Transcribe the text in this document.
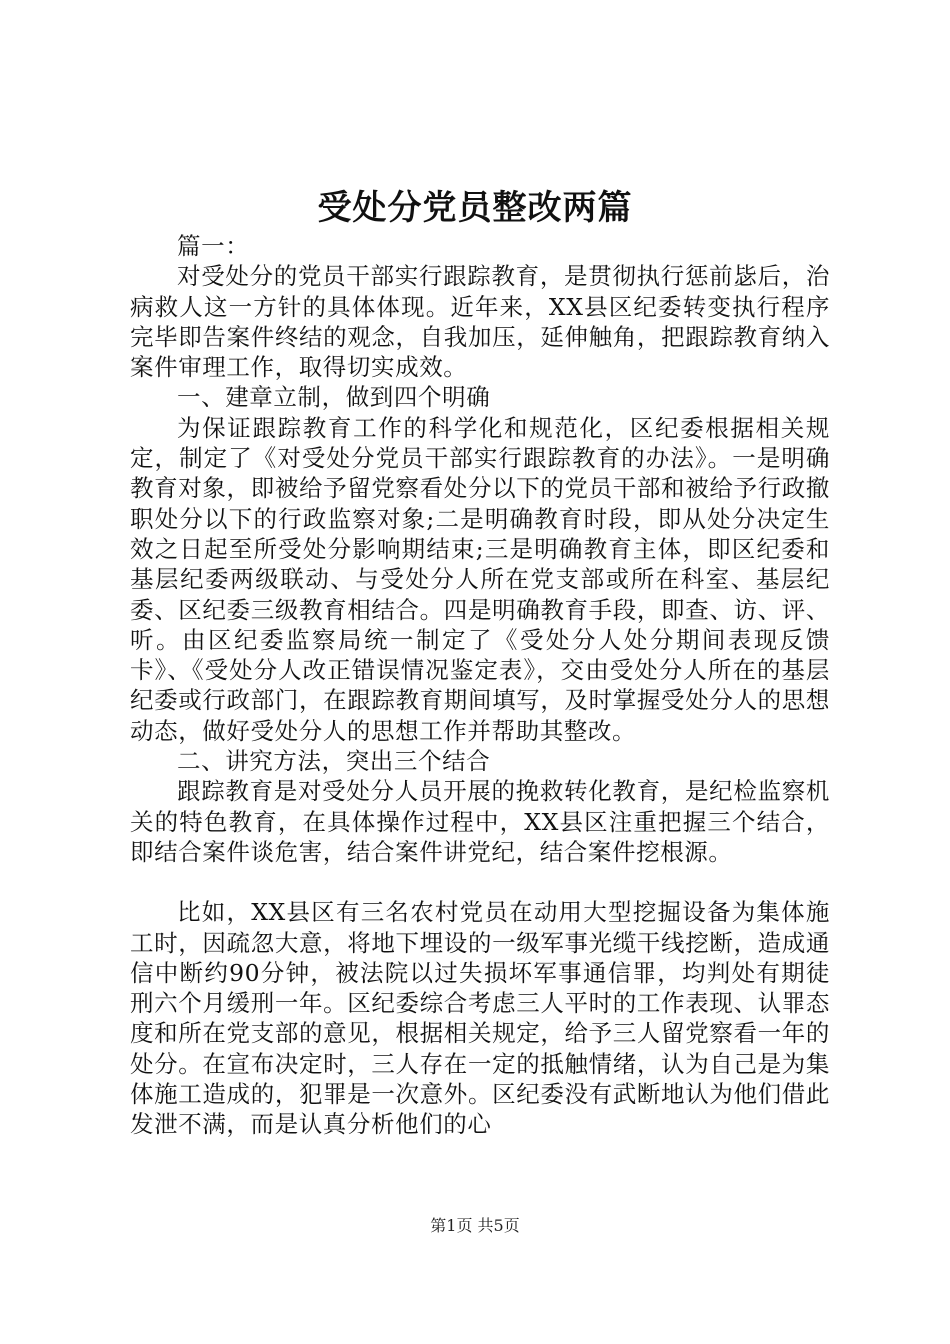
受处分党员整改两篇

篇一：

对受处分的党员干部实行跟踪教育，是贯彻执行惩前毖后，治病救人这一方针的具体体现。近年来，XX县区纪委转变执行程序完毕即告案件终结的观念，自我加压，延伸触角，把跟踪教育纳入案件审理工作，取得切实成效。

一、建章立制，做到四个明确

为保证跟踪教育工作的科学化和规范化，区纪委根据相关规定，制定了《对受处分党员干部实行跟踪教育的办法》。一是明确教育对象，即被给予留党察看处分以下的党员干部和被给予行政撤职处分以下的行政监察对象;二是明确教育时段，即从处分决定生效之日起至所受处分影响期结束;三是明确教育主体，即区纪委和基层纪委两级联动、与受处分人所在党支部或所在科室、基层纪委、区纪委三级教育相结合。四是明确教育手段，即查、访、评、听。由区纪委监察局统一制定了《受处分人处分期间表现反馈卡》、《受处分人改正错误情况鉴定表》，交由受处分人所在的基层纪委或行政部门，在跟踪教育期间填写，及时掌握受处分人的思想动态，做好受处分人的思想工作并帮助其整改。

二、讲究方法，突出三个结合

跟踪教育是对受处分人员开展的挽救转化教育，是纪检监察机关的特色教育，在具体操作过程中，XX县区注重把握三个结合，即结合案件谈危害，结合案件讲党纪，结合案件挖根源。

比如，XX县区有三名农村党员在动用大型挖掘设备为集体施工时，因疏忽大意，将地下埋设的一级军事光缆干线挖断，造成通信中断约90分钟，被法院以过失损坏军事通信罪，均判处有期徒刑六个月缓刑一年。区纪委综合考虑三人平时的工作表现、认罪态度和所在党支部的意见，根据相关规定，给予三人留党察看一年的处分。在宣布决定时，三人存在一定的抵触情绪，认为自己是为集体施工造成的，犯罪是一次意外。区纪委没有武断地认为他们借此发泄不满，而是认真分析他们的心

第1页 共5页
